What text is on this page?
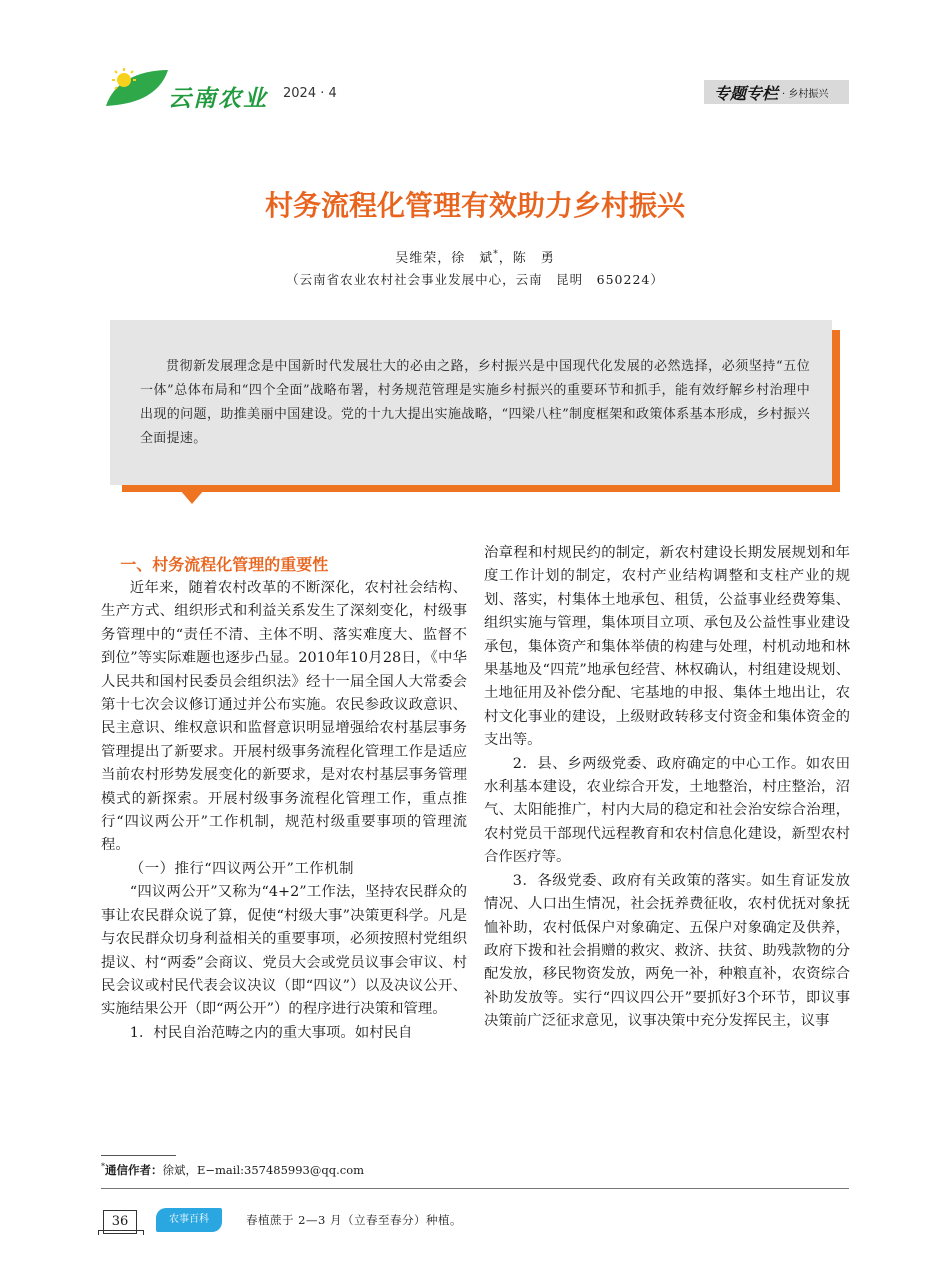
云南农业 2024 · 4	专题专栏 · 乡村振兴
村务流程化管理有效助力乡村振兴
吴维荣，徐　斌*，陈　勇
（云南省农业农村社会事业发展中心，云南　昆明　650224）
贯彻新发展理念是中国新时代发展壮大的必由之路，乡村振兴是中国现代化发展的必然选择，必须坚持“五位一体”总体布局和“四个全面”战略布署，村务规范管理是实施乡村振兴的重要环节和抓手，能有效纾解乡村治理中出现的问题，助推美丽中国建设。党的十九大提出实施战略，“四梁八柱”制度框架和政策体系基本形成，乡村振兴全面提速。

一、村务流程化管理的重要性

近年来，随着农村改革的不断深化，农村社会结构、生产方式、组织形式和利益关系发生了深刻变化，村级事务管理中的“责任不清、主体不明、落实难度大、监督不到位”等实际难题也逐步凸显。2010年10月28日，《中华人民共和国村民委员会组织法》经十一届全国人大常委会第十七次会议修订通过并公布实施。农民参政议政意识、民主意识、维权意识和监督意识明显增强给农村基层事务管理提出了新要求。开展村级事务流程化管理工作是适应当前农村形势发展变化的新要求，是对农村基层事务管理模式的新探索。开展村级事务流程化管理工作，重点推行“四议两公开”工作机制，规范村级重要事项的管理流程。

（一）推行“四议两公开”工作机制

“四议两公开”又称为“4+2”工作法，坚持农民群众的事让农民群众说了算，促使“村级大事”决策更科学。凡是与农民群众切身利益相关的重要事项，必须按照村党组织提议、村“两委”会商议、党员大会或党员议事会审议、村民会议或村民代表会议决议（即“四议”）以及决议公开、实施结果公开（即“两公开”）的程序进行决策和管理。

1．村民自治范畴之内的重大事项。如村民自

治章程和村规民约的制定，新农村建设长期发展规划和年度工作计划的制定，农村产业结构调整和支柱产业的规划、落实，村集体土地承包、租赁，公益事业经费筹集、组织实施与管理，集体项目立项、承包及公益性事业建设承包，集体资产和集体举债的构建与处理，村机动地和林果基地及“四荒”地承包经营、林权确认，村组建设规划、土地征用及补偿分配、宅基地的申报、集体土地出让，农村文化事业的建设，上级财政转移支付资金和集体资金的支出等。

2．县、乡两级党委、政府确定的中心工作。如农田水利基本建设，农业综合开发，土地整治，村庄整治，沼气、太阳能推广，村内大局的稳定和社会治安综合治理，农村党员干部现代远程教育和农村信息化建设，新型农村合作医疗等。

3．各级党委、政府有关政策的落实。如生育证发放情况、人口出生情况，社会抚养费征收，农村优抚对象抚恤补助，农村低保户对象确定、五保户对象确定及供养，政府下拨和社会捐赠的救灾、救济、扶贫、助残款物的分配发放，移民物资发放，两免一补，种粮直补，农资综合补助发放等。实行“四议四公开”要抓好3个环节，即议事决策前广泛征求意见，议事决策中充分发挥民主，议事

*通信作者：徐斌，E−mail:357485993@qq.com
36	农事百科	春植蔗于 2—3 月（立春至春分）种植。
